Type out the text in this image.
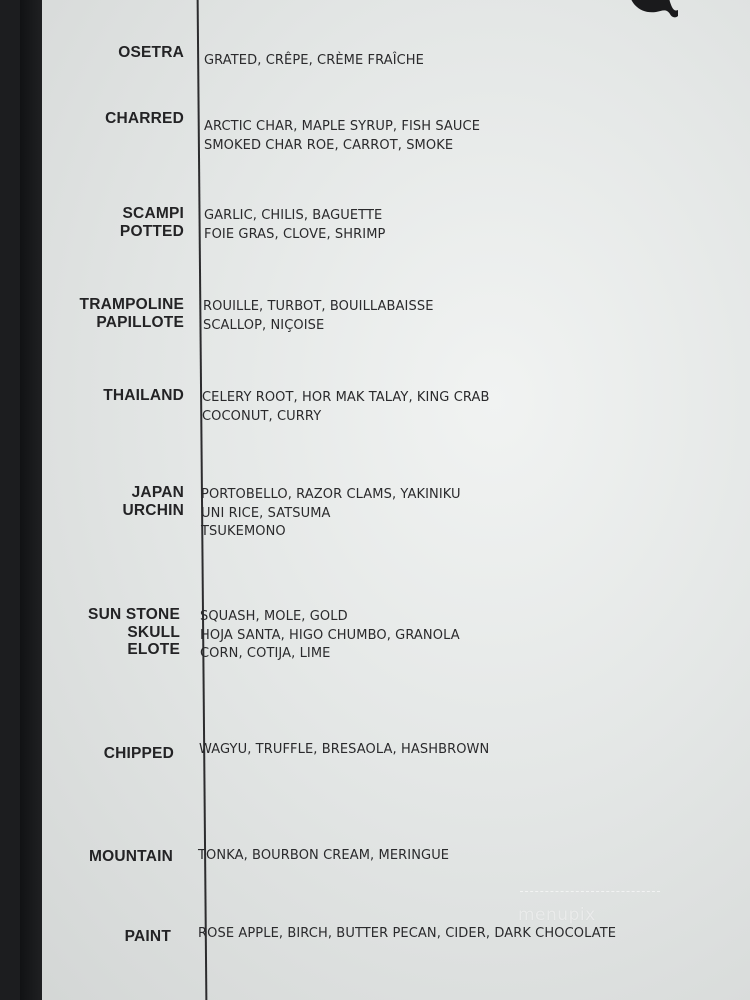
OSETRA GRATED, CRÊPE, CRÈME FRAÎCHE
CHARRED ARCTIC CHAR, MAPLE SYRUP, FISH SAUCE
SMOKED CHAR ROE, CARROT, SMOKE
SCAMPI
POTTED
GARLIC, CHILIS, BAGUETTE
FOIE GRAS, CLOVE, SHRIMP
TRAMPOLINE
PAPILLOTE
ROUILLE, TURBOT, BOUILLABAISSE
SCALLOP, NIÇOISE
THAILAND CELERY ROOT, HOR MAK TALAY, KING CRAB
COCONUT, CURRY
JAPAN
URCHIN
PORTOBELLO, RAZOR CLAMS, YAKINIKU
UNI RICE, SATSUMA
TSUKEMONO
SUN STONE
SKULL
ELOTE
SQUASH, MOLE, GOLD
HOJA SANTA, HIGO CHUMBO, GRANOLA
CORN, COTIJA, LIME
CHIPPED WAGYU, TRUFFLE, BRESAOLA, HASHBROWN
MOUNTAIN TONKA, BOURBON CREAM, MERINGUE
PAINT ROSE APPLE, BIRCH, BUTTER PECAN, CIDER, DARK CHOCOLATE
menupix
